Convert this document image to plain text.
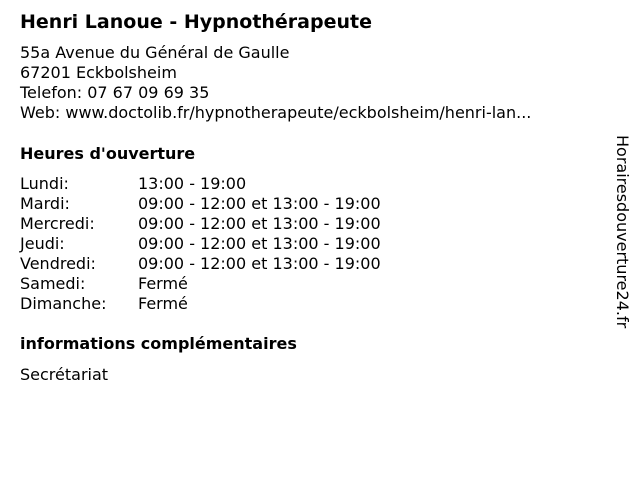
Henri Lanoue - Hypnothérapeute
55a Avenue du Général de Gaulle
67201 Eckbolsheim
Telefon: 07 67 09 69 35
Web: www.doctolib.fr/hypnotherapeute/eckbolsheim/henri-lan...
Heures d'ouverture
Lundi:	13:00 - 19:00
Mardi:	09:00 - 12:00 et 13:00 - 19:00
Mercredi:	09:00 - 12:00 et 13:00 - 19:00
Jeudi:	09:00 - 12:00 et 13:00 - 19:00
Vendredi:	09:00 - 12:00 et 13:00 - 19:00
Samedi:	Fermé
Dimanche: Fermé
informations complémentaires
Secrétariat
Horairesdouverture24.fr
